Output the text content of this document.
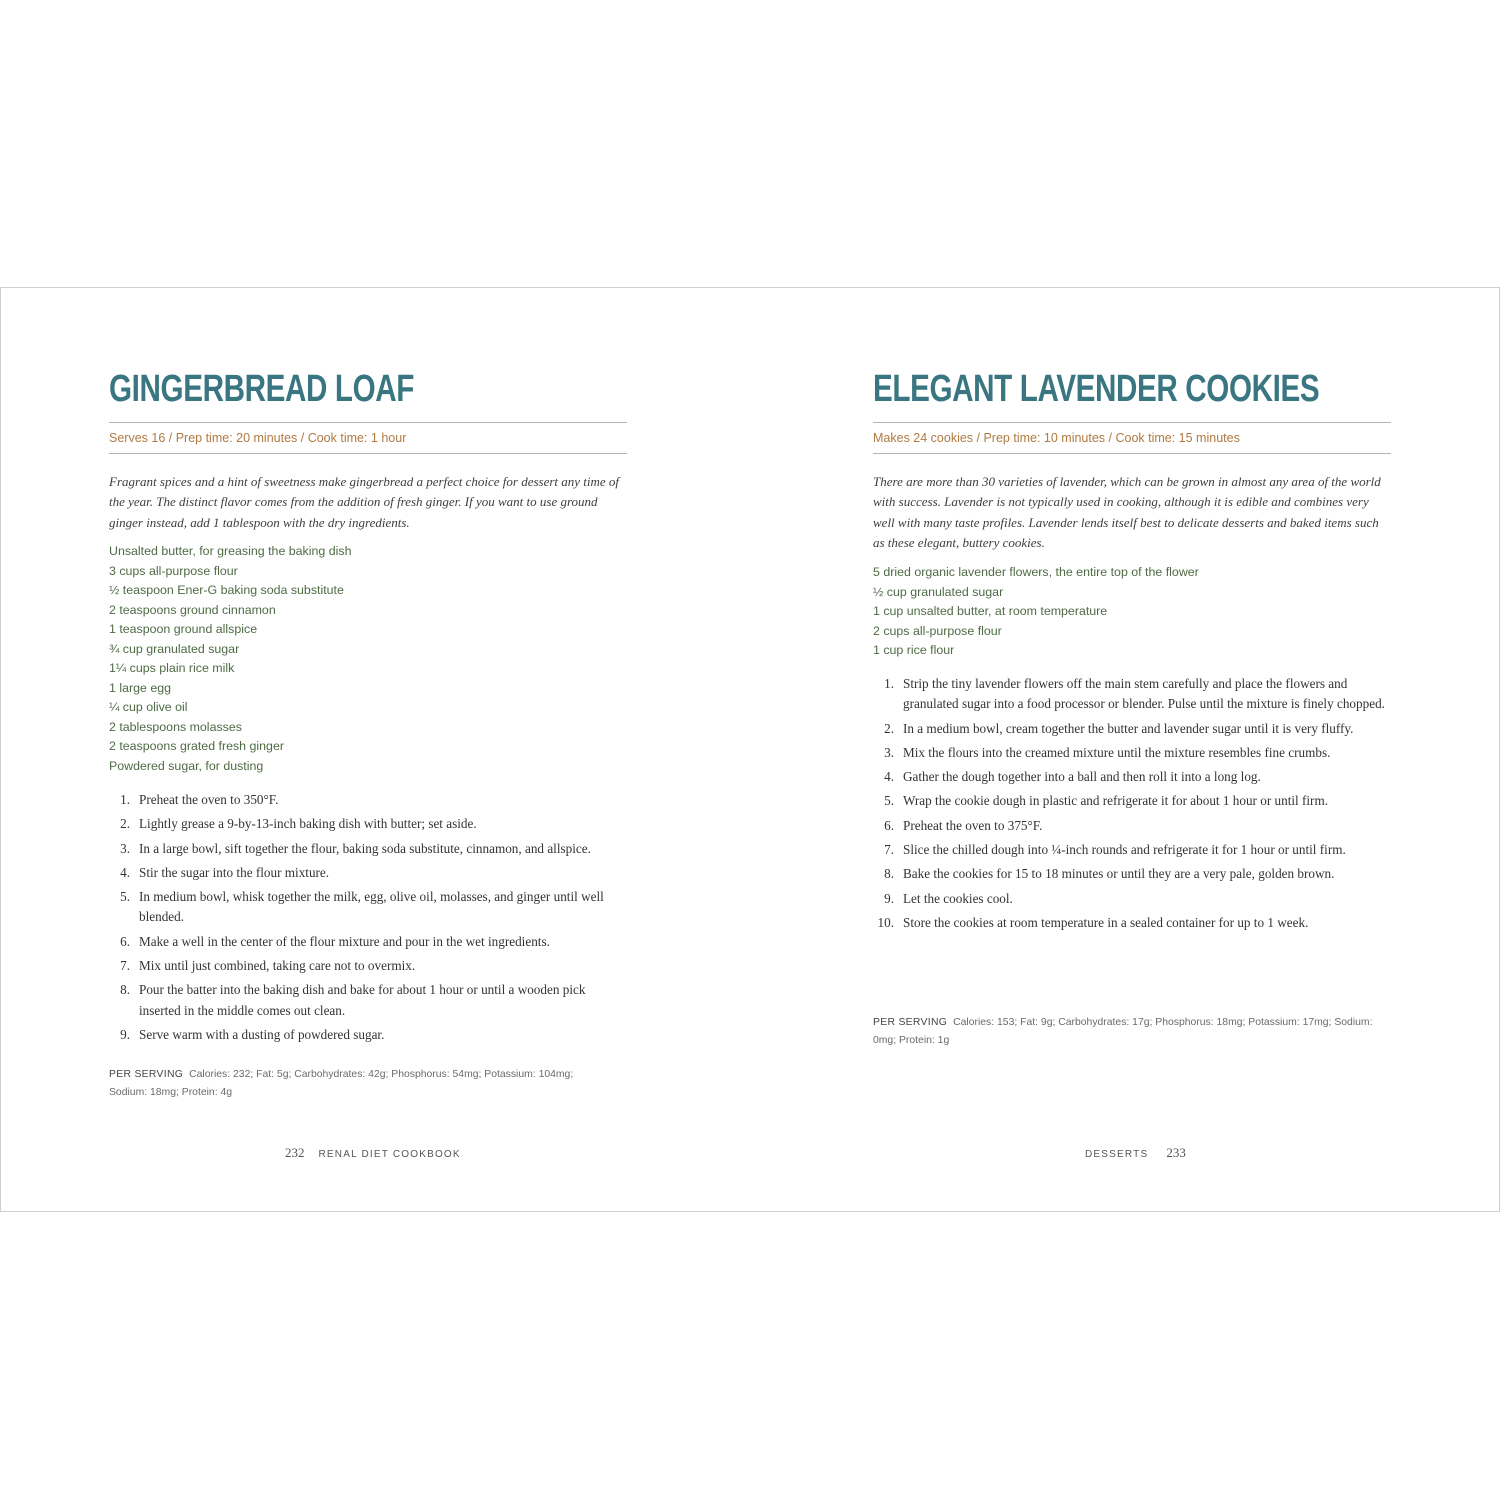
GINGERBREAD LOAF
Serves 16 / Prep time: 20 minutes / Cook time: 1 hour

Fragrant spices and a hint of sweetness make gingerbread a perfect choice for dessert any time of the year. The distinct flavor comes from the addition of fresh ginger. If you want to use ground ginger instead, add 1 tablespoon with the dry ingredients.

Unsalted butter, for greasing the baking dish
3 cups all-purpose flour
½ teaspoon Ener-G baking soda substitute
2 teaspoons ground cinnamon
1 teaspoon ground allspice
¾ cup granulated sugar
1¼ cups plain rice milk
1 large egg
¼ cup olive oil
2 tablespoons molasses
2 teaspoons grated fresh ginger
Powdered sugar, for dusting
1. Preheat the oven to 350°F.
2. Lightly grease a 9-by-13-inch baking dish with butter; set aside.
3. In a large bowl, sift together the flour, baking soda substitute, cinnamon, and allspice.
4. Stir the sugar into the flour mixture.
5. In medium bowl, whisk together the milk, egg, olive oil, molasses, and ginger until well blended.
6. Make a well in the center of the flour mixture and pour in the wet ingredients.
7. Mix until just combined, taking care not to overmix.
8. Pour the batter into the baking dish and bake for about 1 hour or until a wooden pick inserted in the middle comes out clean.
9. Serve warm with a dusting of powdered sugar.

PER SERVING Calories: 232; Fat: 5g; Carbohydrates: 42g; Phosphorus: 54mg; Potassium: 104mg; Sodium: 18mg; Protein: 4g

232 RENAL DIET COOKBOOK
ELEGANT LAVENDER COOKIES
Makes 24 cookies / Prep time: 10 minutes / Cook time: 15 minutes

There are more than 30 varieties of lavender, which can be grown in almost any area of the world with success. Lavender is not typically used in cooking, although it is edible and combines very well with many taste profiles. Lavender lends itself best to delicate desserts and baked items such as these elegant, buttery cookies.

5 dried organic lavender flowers, the entire top of the flower
½ cup granulated sugar
1 cup unsalted butter, at room temperature
2 cups all-purpose flour
1 cup rice flour
1. Strip the tiny lavender flowers off the main stem carefully and place the flowers and granulated sugar into a food processor or blender. Pulse until the mixture is finely chopped.
2. In a medium bowl, cream together the butter and lavender sugar until it is very fluffy.
3. Mix the flours into the creamed mixture until the mixture resembles fine crumbs.
4. Gather the dough together into a ball and then roll it into a long log.
5. Wrap the cookie dough in plastic and refrigerate it for about 1 hour or until firm.
6. Preheat the oven to 375°F.
7. Slice the chilled dough into ¼-inch rounds and refrigerate it for 1 hour or until firm.
8. Bake the cookies for 15 to 18 minutes or until they are a very pale, golden brown.
9. Let the cookies cool.
10. Store the cookies at room temperature in a sealed container for up to 1 week.

PER SERVING Calories: 153; Fat: 9g; Carbohydrates: 17g; Phosphorus: 18mg; Potassium: 17mg; Sodium: 0mg; Protein: 1g

DESSERTS 233
